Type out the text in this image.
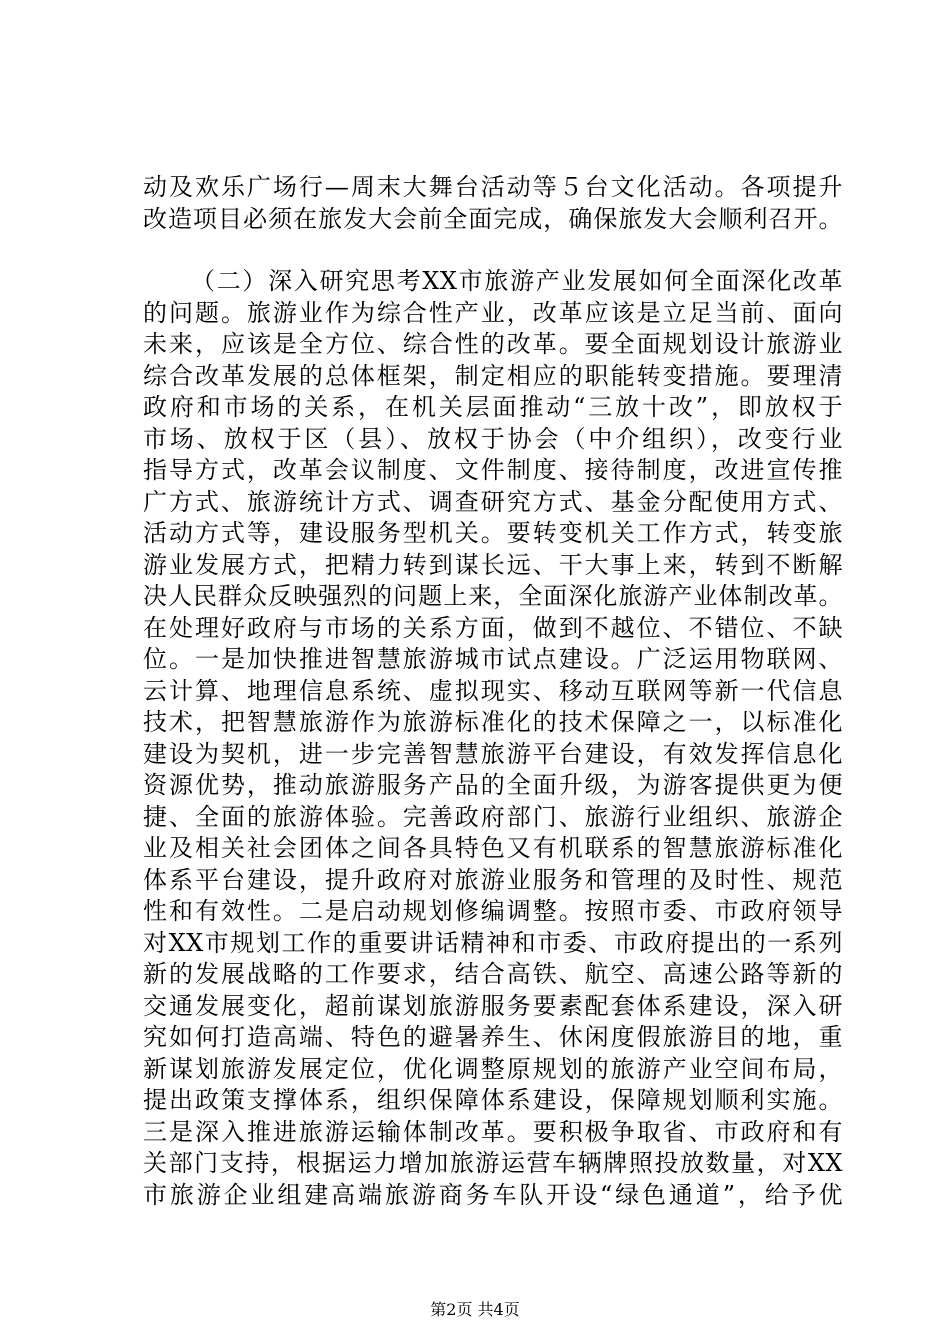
动及欢乐广场行—周末大舞台活动等５台文化活动。各项提升
改造项目必须在旅发大会前全面完成，确保旅发大会顺利召开。
（二）深入研究思考XX市旅游产业发展如何全面深化改革
的问题。旅游业作为综合性产业，改革应该是立足当前、面向
未来，应该是全方位、综合性的改革。要全面规划设计旅游业
综合改革发展的总体框架，制定相应的职能转变措施。要理清
政府和市场的关系，在机关层面推动“三放十改”，即放权于
市场、放权于区（县）、放权于协会（中介组织），改变行业
指导方式，改革会议制度、文件制度、接待制度，改进宣传推
广方式、旅游统计方式、调查研究方式、基金分配使用方式、
活动方式等，建设服务型机关。要转变机关工作方式，转变旅
游业发展方式，把精力转到谋长远、干大事上来，转到不断解
决人民群众反映强烈的问题上来，全面深化旅游产业体制改革。
在处理好政府与市场的关系方面，做到不越位、不错位、不缺
位。一是加快推进智慧旅游城市试点建设。广泛运用物联网、
云计算、地理信息系统、虚拟现实、移动互联网等新一代信息
技术，把智慧旅游作为旅游标准化的技术保障之一，以标准化
建设为契机，进一步完善智慧旅游平台建设，有效发挥信息化
资源优势，推动旅游服务产品的全面升级，为游客提供更为便
捷、全面的旅游体验。完善政府部门、旅游行业组织、旅游企
业及相关社会团体之间各具特色又有机联系的智慧旅游标准化
体系平台建设，提升政府对旅游业服务和管理的及时性、规范
性和有效性。二是启动规划修编调整。按照市委、市政府领导
对XX市规划工作的重要讲话精神和市委、市政府提出的一系列
新的发展战略的工作要求，结合高铁、航空、高速公路等新的
交通发展变化，超前谋划旅游服务要素配套体系建设，深入研
究如何打造高端、特色的避暑养生、休闲度假旅游目的地，重
新谋划旅游发展定位，优化调整原规划的旅游产业空间布局，
提出政策支撑体系，组织保障体系建设，保障规划顺利实施。
三是深入推进旅游运输体制改革。要积极争取省、市政府和有
关部门支持，根据运力增加旅游运营车辆牌照投放数量，对XX
市旅游企业组建高端旅游商务车队开设“绿色通道”，给予优
第2页 共4页
